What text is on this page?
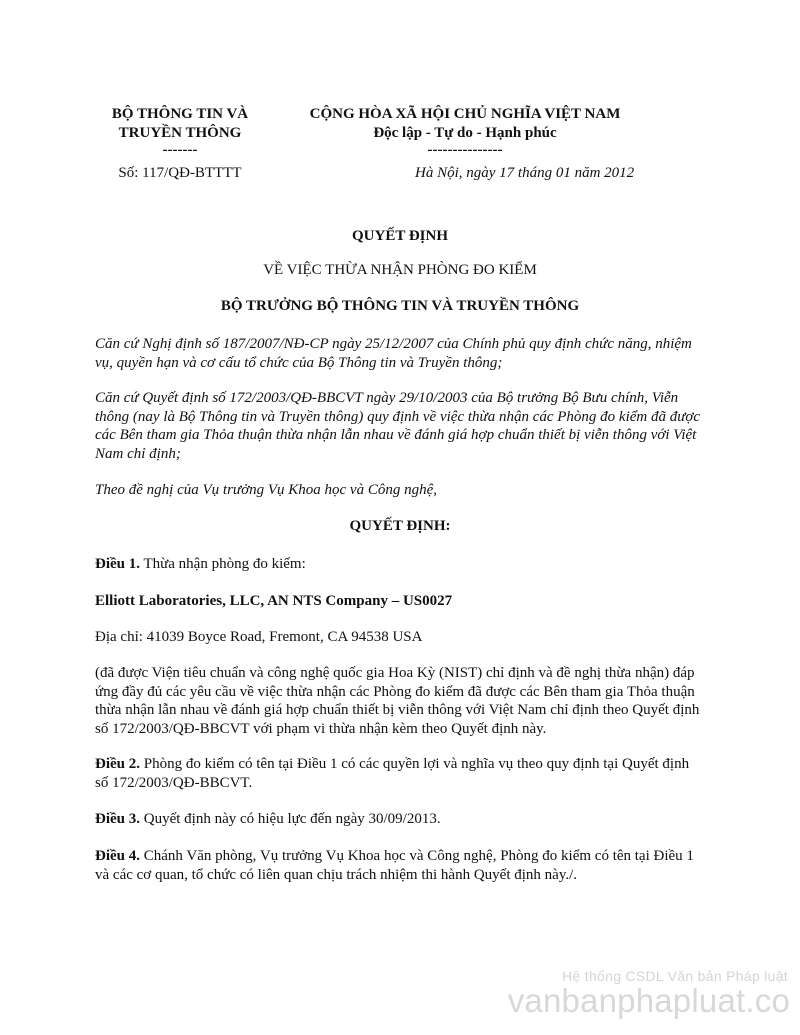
BỘ THÔNG TIN VÀ
TRUYỀN THÔNG
-------
CỘNG HÒA XÃ HỘI CHỦ NGHĨA VIỆT NAM
Độc lập - Tự do - Hạnh phúc
---------------
Số: 117/QĐ-BTTTT	Hà Nội, ngày 17 tháng 01 năm 2012
QUYẾT ĐỊNH
VỀ VIỆC THỪA NHẬN PHÒNG ĐO KIỂM
BỘ TRƯỞNG BỘ THÔNG TIN VÀ TRUYỀN THÔNG
Căn cứ Nghị định số 187/2007/NĐ-CP ngày 25/12/2007 của Chính phủ quy định chức năng, nhiệm vụ, quyền hạn và cơ cấu tổ chức của Bộ Thông tin và Truyền thông;
Căn cứ Quyết định số 172/2003/QĐ-BBCVT ngày 29/10/2003 của Bộ trưởng Bộ Bưu chính, Viễn thông (nay là Bộ Thông tin và Truyền thông) quy định về việc thừa nhận các Phòng đo kiểm đã được các Bên tham gia Thỏa thuận thừa nhận lẫn nhau về đánh giá hợp chuẩn thiết bị viễn thông với Việt Nam chỉ định;
Theo đề nghị của Vụ trưởng Vụ Khoa học và Công nghệ,
QUYẾT ĐỊNH:
Điều 1. Thừa nhận phòng đo kiểm:
Elliott Laboratories, LLC, AN NTS Company – US0027
Địa chỉ: 41039 Boyce Road, Fremont, CA 94538 USA
(đã được Viện tiêu chuẩn và công nghệ quốc gia Hoa Kỳ (NIST) chỉ định và đề nghị thừa nhận) đáp ứng đầy đủ các yêu cầu về việc thừa nhận các Phòng đo kiểm đã được các Bên tham gia Thỏa thuận thừa nhận lẫn nhau về đánh giá hợp chuẩn thiết bị viễn thông với Việt Nam chỉ định theo Quyết định số 172/2003/QĐ-BBCVT với phạm vi thừa nhận kèm theo Quyết định này.
Điều 2. Phòng đo kiểm có tên tại Điều 1 có các quyền lợi và nghĩa vụ theo quy định tại Quyết định số 172/2003/QĐ-BBCVT.
Điều 3. Quyết định này có hiệu lực đến ngày 30/09/2013.
Điều 4. Chánh Văn phòng, Vụ trưởng Vụ Khoa học và Công nghệ, Phòng đo kiểm có tên tại Điều 1 và các cơ quan, tổ chức có liên quan chịu trách nhiệm thi hành Quyết định này./.
Hệ thống CSDL Văn bản Pháp luật
vanbanphapluat.co
